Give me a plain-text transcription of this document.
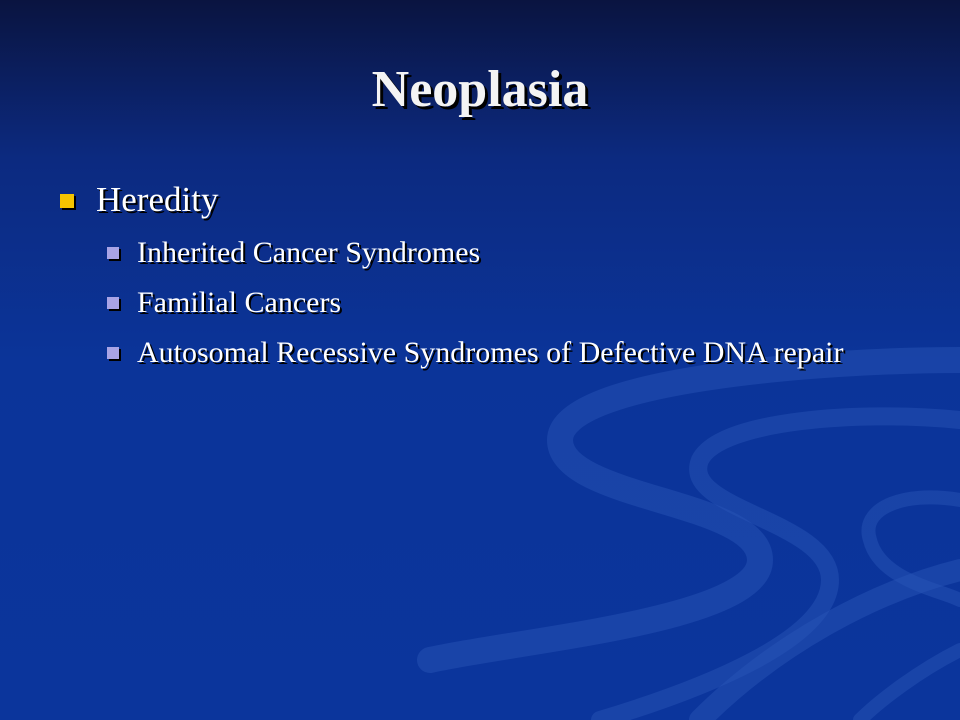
Neoplasia
Heredity
Inherited Cancer Syndromes
Familial Cancers
Autosomal Recessive Syndromes of Defective DNA repair
